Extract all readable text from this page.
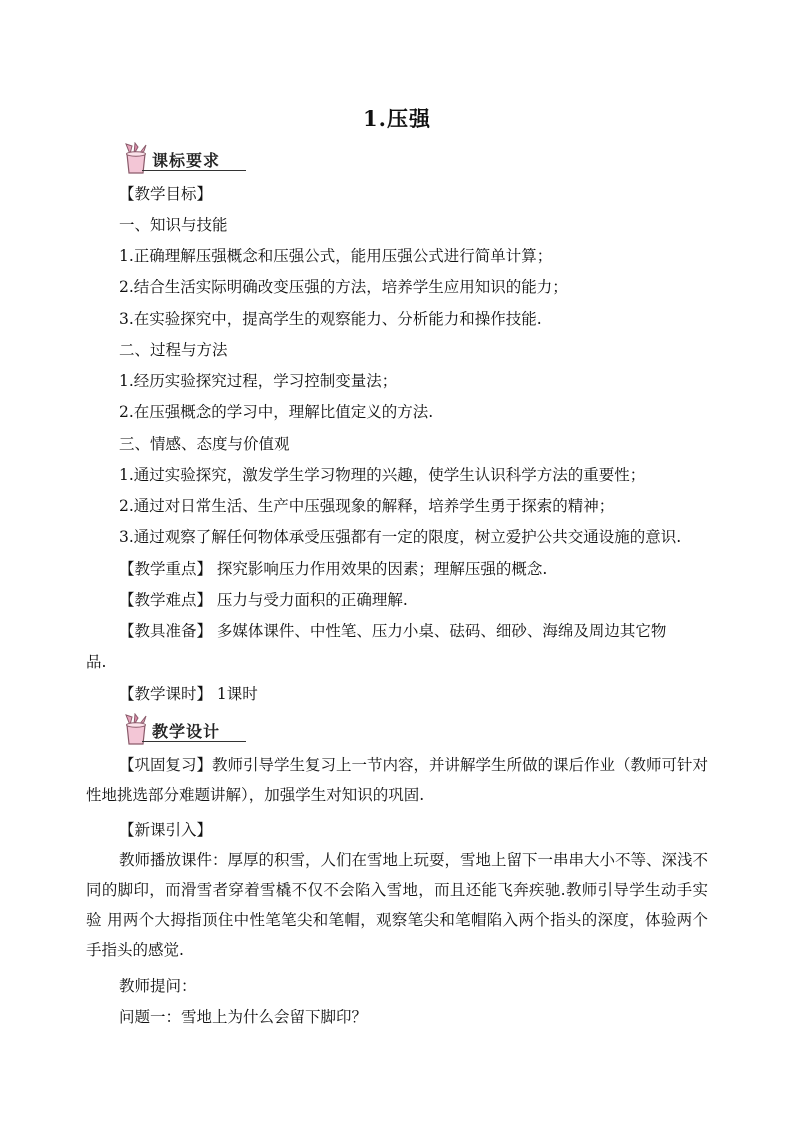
1.压强
课标要求
【教学目标】
一、知识与技能
1.正确理解压强概念和压强公式，能用压强公式进行简单计算；
2.结合生活实际明确改变压强的方法，培养学生应用知识的能力；
3.在实验探究中，提高学生的观察能力、分析能力和操作技能.
二、过程与方法
1.经历实验探究过程，学习控制变量法；
2.在压强概念的学习中，理解比值定义的方法.
三、情感、态度与价值观
1.通过实验探究，激发学生学习物理的兴趣，使学生认识科学方法的重要性；
2.通过对日常生活、生产中压强现象的解释，培养学生勇于探索的精神；
3.通过观察了解任何物体承受压强都有一定的限度，树立爱护公共交通设施的意识.
【教学重点】 探究影响压力作用效果的因素；理解压强的概念.
【教学难点】 压力与受力面积的正确理解.
【教具准备】 多媒体课件、中性笔、压力小桌、砝码、细砂、海绵及周边其它物
品.
【教学课时】 1课时
教学设计

【巩固复习】教师引导学生复习上一节内容，并讲解学生所做的课后作业（教师可针对性地挑选部分难题讲解），加强学生对知识的巩固.

【新课引入】

教师播放课件：厚厚的积雪，人们在雪地上玩耍，雪地上留下一串串大小不等、深浅不同的脚印，而滑雪者穿着雪橇不仅不会陷入雪地，而且还能飞奔疾驰.教师引导学生动手实验 用两个大拇指顶住中性笔笔尖和笔帽，观察笔尖和笔帽陷入两个指头的深度，体验两个手指头的感觉.

教师提问：
问题一：雪地上为什么会留下脚印？
